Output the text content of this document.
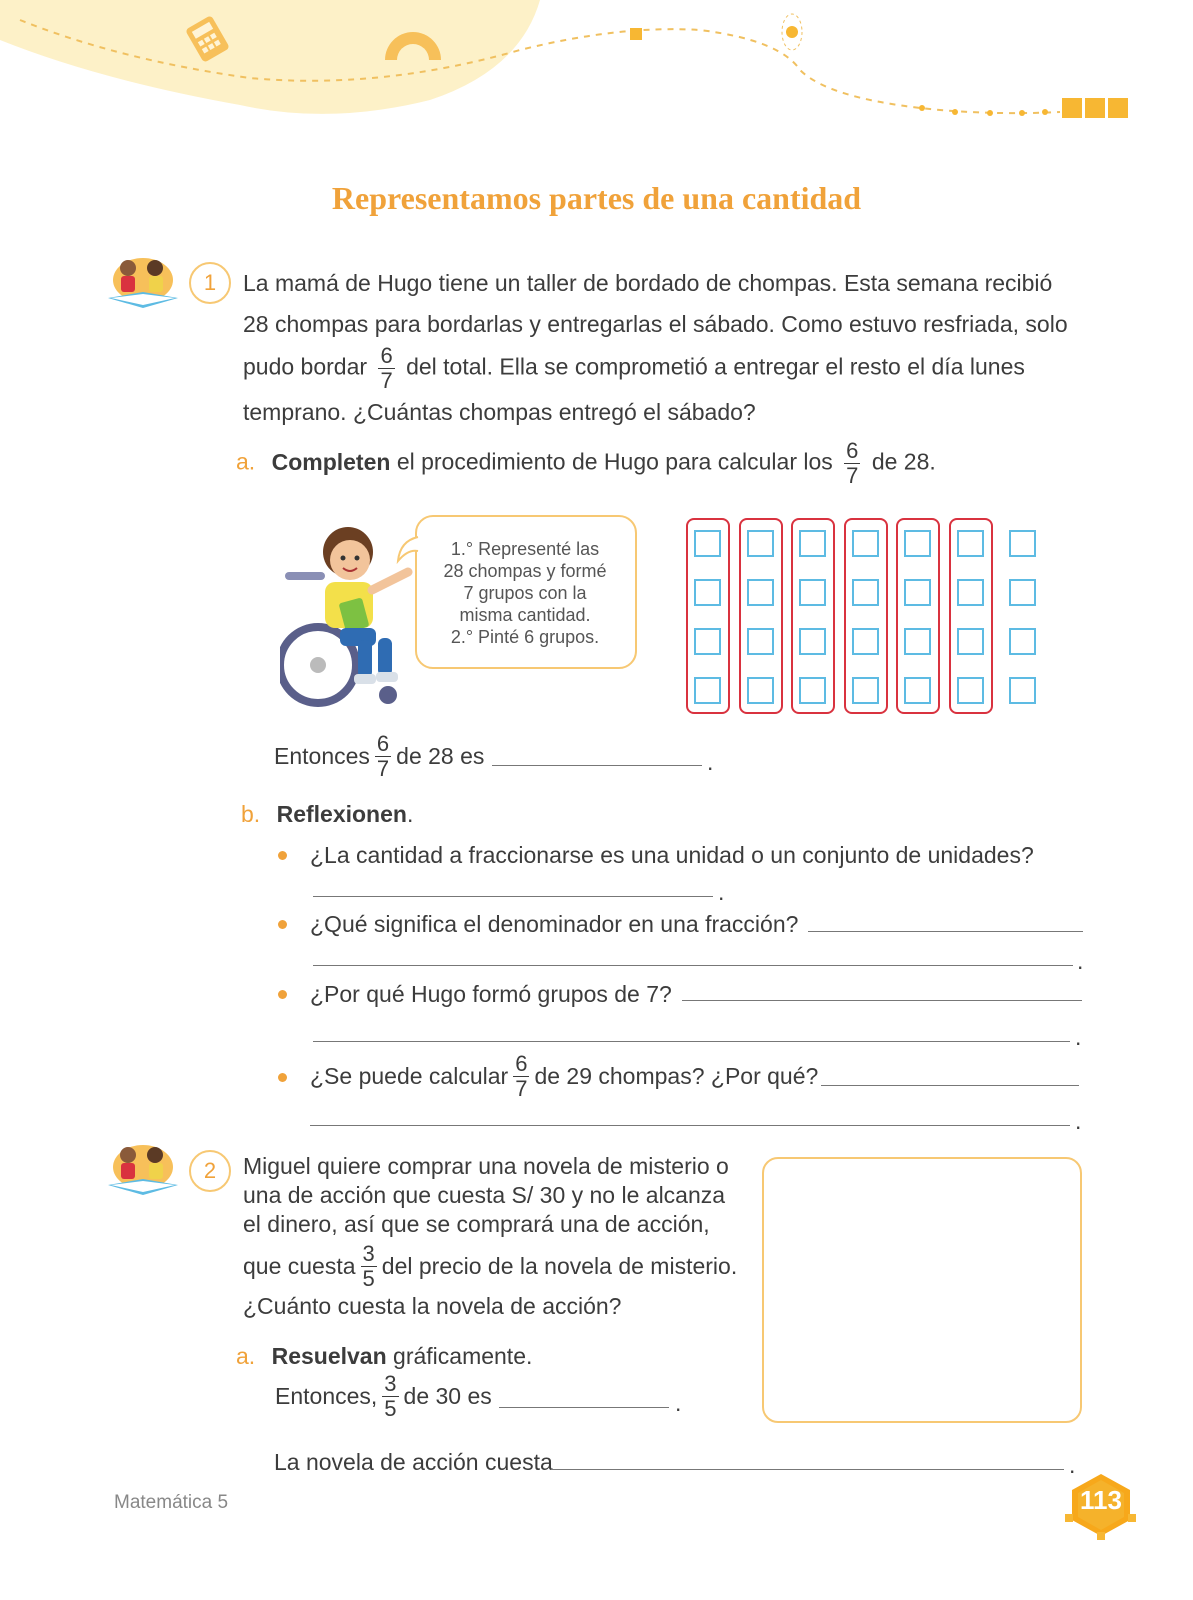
Representamos partes de una cantidad
1	La mamá de Hugo tiene un taller de bordado de chompas. Esta semana recibió
28 chompas para bordarlas y entregarlas el sábado. Como estuvo resfriada, solo
pudo bordar $\frac{6}{7}$ del total. Ella se comprometió a entregar el resto el día lunes
temprano. ¿Cuántas chompas entregó el sábado?
a. Completen el procedimiento de Hugo para calcular los $\frac{6}{7}$ de 28.
1.° Representé las
28 chompas y formé
7 grupos con la
misma cantidad.
2.° Pinté 6 grupos.
Entonces $\frac{6}{7}$ de 28 es	.
b. Reflexionen.
¿La cantidad a fraccionarse es una unidad o un conjunto de unidades?
.
¿Qué significa el denominador en una fracción?
.
¿Por qué Hugo formó grupos de 7?
.
¿Se puede calcular $\frac{6}{7}$ de 29 chompas? ¿Por qué?
.
2	Miguel quiere comprar una novela de misterio o
una de acción que cuesta S/ 30 y no le alcanza
el dinero, así que se comprará una de acción,
que cuesta $\frac{3}{5}$ del precio de la novela de misterio.
¿Cuánto cuesta la novela de acción?
a. Resuelvan gráficamente.
Entonces, $\frac{3}{5}$ de 30 es	.
La novela de acción cuesta	.
Matemática 5	113
